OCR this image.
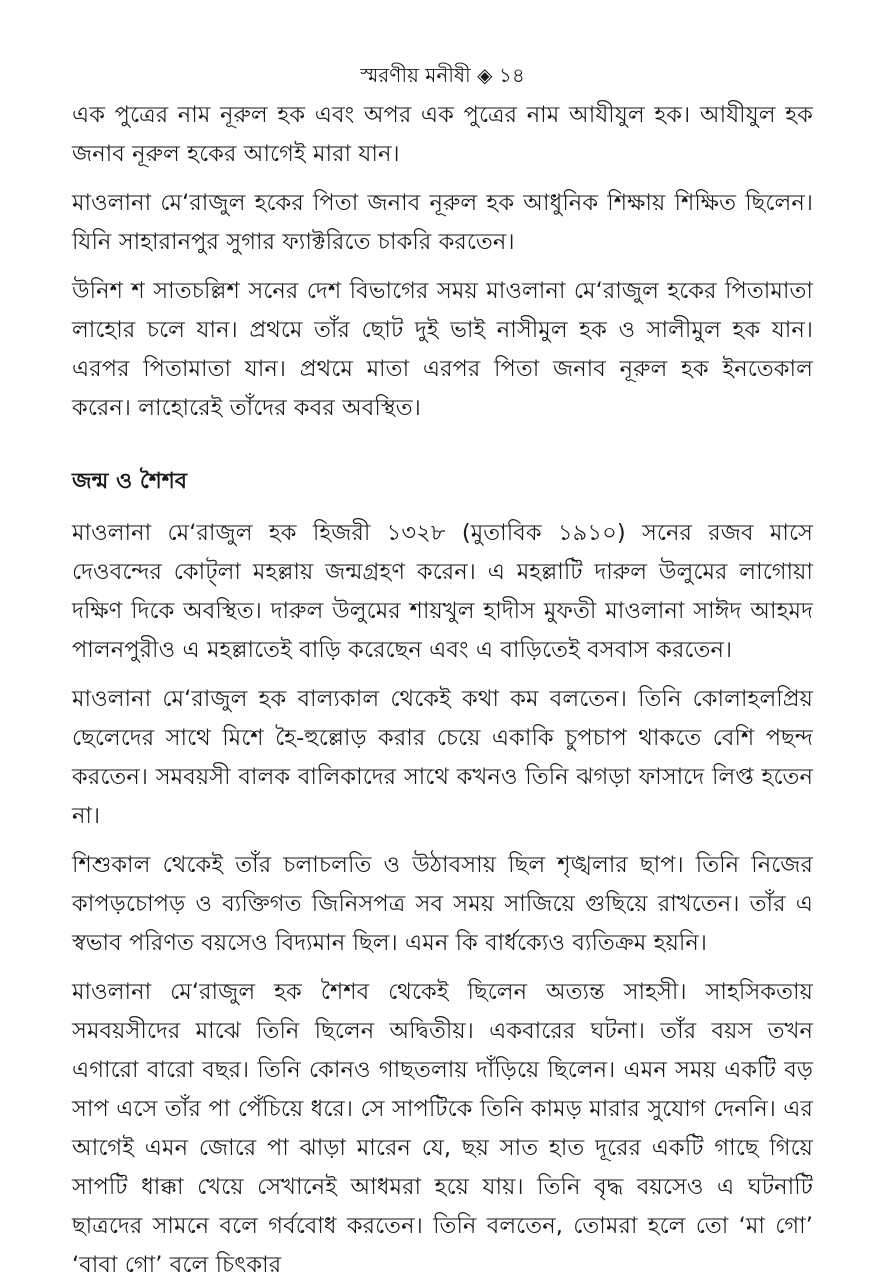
স্মরণীয় মনীষী ◈ ১৪

এক পুত্রের নাম নূরুল হক এবং অপর এক পুত্রের নাম আযীযুল হক। আযীযুল হক জনাব নূরুল হকের আগেই মারা যান।

মাওলানা মে‘রাজুল হকের পিতা জনাব নূরুল হক আধুনিক শিক্ষায় শিক্ষিত ছিলেন। যিনি সাহারানপুর সুগার ফ্যাক্টরিতে চাকরি করতেন।

উনিশ শ সাতচল্লিশ সনের দেশ বিভাগের সময় মাওলানা মে‘রাজুল হকের পিতামাতা লাহোর চলে যান। প্রথমে তাঁর ছোট দুই ভাই নাসীমুল হক ও সালীমুল হক যান। এরপর পিতামাতা যান। প্রথমে মাতা এরপর পিতা জনাব নূরুল হক ইনতেকাল করেন। লাহোরেই তাঁদের কবর অবস্থিত।

জন্ম ও শৈশব

মাওলানা মে‘রাজুল হক হিজরী ১৩২৮ (মুতাবিক ১৯১০) সনের রজব মাসে দেওবন্দের কোট্‌লা মহল্লায় জন্মগ্রহণ করেন। এ মহল্লাটি দারুল উলুমের লাগোয়া দক্ষিণ দিকে অবস্থিত। দারুল উলুমের শায়খুল হাদীস মুফতী মাওলানা সাঈদ আহমদ পালনপুরীও এ মহল্লাতেই বাড়ি করেছেন এবং এ বাড়িতেই বসবাস করতেন।

মাওলানা মে‘রাজুল হক বাল্যকাল থেকেই কথা কম বলতেন। তিনি কোলাহলপ্রিয় ছেলেদের সাথে মিশে হৈ-হুল্লোড় করার চেয়ে একাকি চুপচাপ থাকতে বেশি পছন্দ করতেন। সমবয়সী বালক বালিকাদের সাথে কখনও তিনি ঝগড়া ফাসাদে লিপ্ত হতেন না।

শিশুকাল থেকেই তাঁর চলাচলতি ও উঠাবসায় ছিল শৃঙ্খলার ছাপ। তিনি নিজের কাপড়চোপড় ও ব্যক্তিগত জিনিসপত্র সব সময় সাজিয়ে গুছিয়ে রাখতেন। তাঁর এ স্বভাব পরিণত বয়সেও বিদ্যমান ছিল। এমন কি বার্ধক্যেও ব্যতিক্রম হয়নি।

মাওলানা মে‘রাজুল হক শৈশব থেকেই ছিলেন অত্যন্ত সাহসী। সাহসিকতায় সমবয়সীদের মাঝে তিনি ছিলেন অদ্বিতীয়। একবারের ঘটনা। তাঁর বয়স তখন এগারো বারো বছর। তিনি কোনও গাছতলায় দাঁড়িয়ে ছিলেন। এমন সময় একটি বড় সাপ এসে তাঁর পা পেঁচিয়ে ধরে। সে সাপটিকে তিনি কামড় মারার সুযোগ দেননি। এর আগেই এমন জোরে পা ঝাড়া মারেন যে, ছয় সাত হাত দূরের একটি গাছে গিয়ে সাপটি ধাক্কা খেয়ে সেখানেই আধমরা হয়ে যায়। তিনি বৃদ্ধ বয়সেও এ ঘটনাটি ছাত্রদের সামনে বলে গর্ববোধ করতেন। তিনি বলতেন, তোমরা হলে তো ‘মা গো’ ‘বাবা গো’ বলে চিৎকার
